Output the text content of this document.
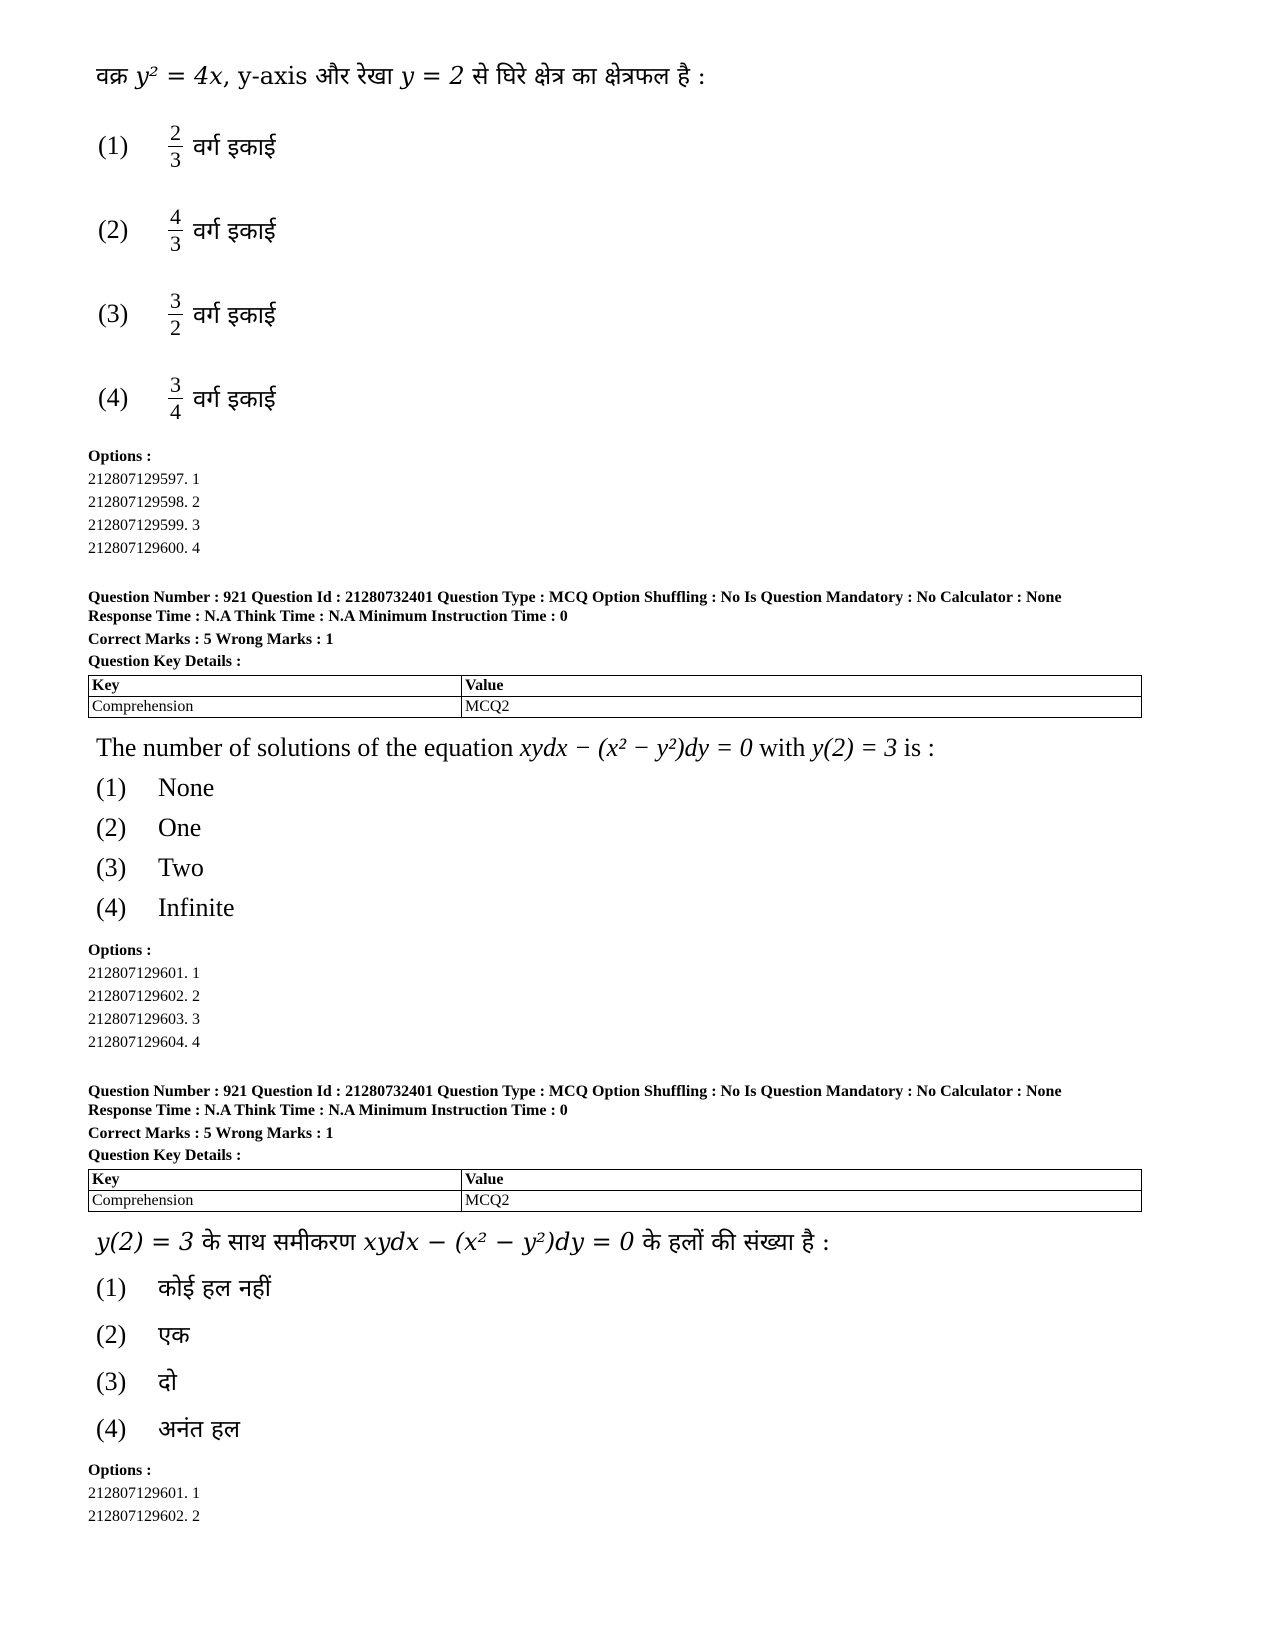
वक्र y² = 4x, y-axis और रेखा y = 2 से घिरे क्षेत्र का क्षेत्रफल है :

(1)	$\frac{2}{3}$ वर्ग इकाई
(2)	$\frac{4}{3}$ वर्ग इकाई
(3)	$\frac{3}{2}$ वर्ग इकाई
(4)	$\frac{3}{4}$ वर्ग इकाई
Options :
212807129597. 1
212807129598. 2
212807129599. 3
212807129600. 4
Question Number : 921 Question Id : 21280732401 Question Type : MCQ Option Shuffling : No Is Question Mandatory : No Calculator : None
Response Time : N.A Think Time : N.A Minimum Instruction Time : 0
Correct Marks : 5 Wrong Marks : 1
Question Key Details :
Key	Value
Comprehension	MCQ2

The number of solutions of the equation xydx − (x² − y²)dy = 0 with y(2) = 3 is :

(1)	None
(2)	One
(3)	Two
(4)	Infinite
Options :
212807129601. 1
212807129602. 2
212807129603. 3
212807129604. 4
Question Number : 921 Question Id : 21280732401 Question Type : MCQ Option Shuffling : No Is Question Mandatory : No Calculator : None
Response Time : N.A Think Time : N.A Minimum Instruction Time : 0
Correct Marks : 5 Wrong Marks : 1
Question Key Details :
Key	Value
Comprehension	MCQ2

y(2) = 3 के साथ समीकरण xydx − (x² − y²)dy = 0 के हलों की संख्या है :

(1)	कोई हल नहीं
(2)	एक
(3)	दो
(4)	अनंत हल
Options :
212807129601. 1
212807129602. 2
